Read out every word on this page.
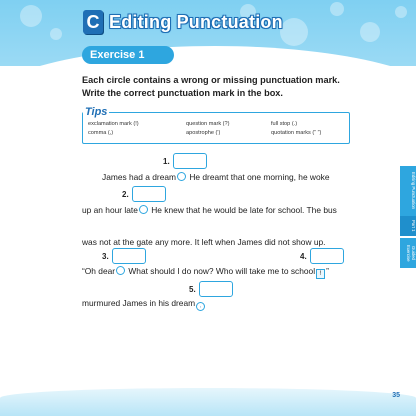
C Editing Punctuation
Exercise 1
Each circle contains a wrong or missing punctuation mark. Write the correct punctuation mark in the box.
Tips
exclamation mark (!)	question mark (?)	full stop (.)
comma (,)	apostrophe (')	quotation marks (“ ”)
1.
James had a dream He dreamt that one morning, he woke
2.
up an hour late He knew that he would be late for school. The bus
was not at the gate any more. It left when James did not show up.
3.	4.
“Oh dear What should I do now? Who will take me to school ! ”
5.
murmured James in his dream ,
Editing Punctuation
Part 1
Guided Exercise
35
